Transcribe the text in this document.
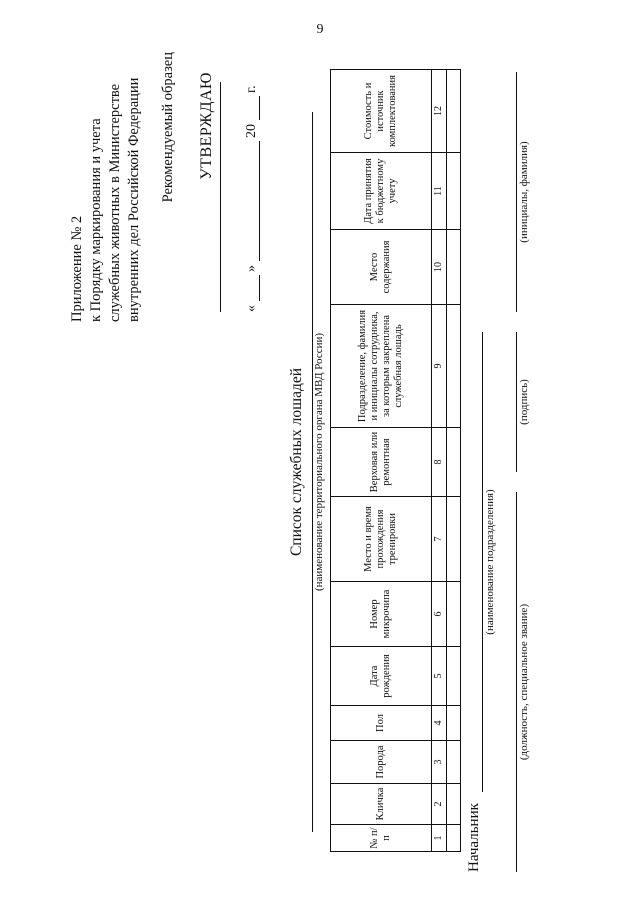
9
Приложение № 2 к Порядку маркирования и учета служебных животных в Министерстве внутренних дел Российской Федерации Рекомендуемый образец УТВЕРЖДАЮ
«  »  20  г.
Список служебных лошадей (наименование территориального органа МВД России)
№ п/п	Кличка	Порода	Пол	Дата рождения	Номер микрочипа	Место и время прохождения тренировки	Верховая или ремонтная	Подразделение, фамилия и инициалы сотрудника, за которым закреплена служебная лошадь	Место содержания	Дата принятия к бюджетному учету	Стоимость и источник комплектования
1	2	3	4	5	6	7	8	9	10	11	12

Начальник
(наименование подразделения)
(должность, специальное звание)
(подпись)
(инициалы, фамилия)
